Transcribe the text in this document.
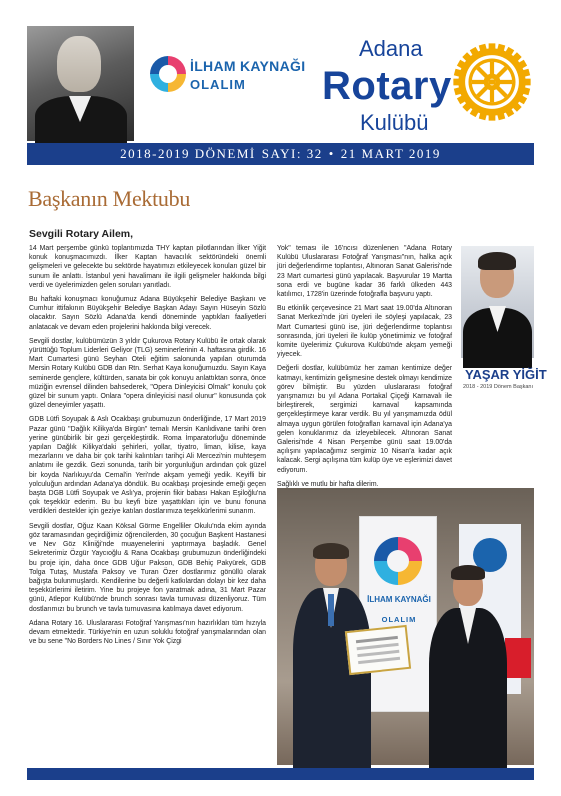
İLHAM KAYNAĞI
OLALIM
Adana
Rotary
Kulübü
2018-2019 DÖNEMİ SAYI: 32 • 21 MART 2019
Başkanın Mektubu
Sevgili Rotary Ailem,

14 Mart perşembe günkü toplantımızda THY kaptan pilotlarından İlker Yiğit konuk konuşmacımızdı. İlker Kaptan havacılık sektöründeki önemli gelişmeleri ve gelecekte bu sektörde hayatımızı etkileyecek konuları güzel bir sunum ile anlattı. İstanbul yeni havalimanı ile ilgili gelişmeler hakkında bilgi verdi ve üyelerimizden gelen soruları yanıtladı.

Bu haftaki konuşmacı konuğumuz Adana Büyükşehir Belediye Başkanı ve Cumhur ittifakının Büyükşehir Belediye Başkan Adayı Sayın Hüseyin Sözlü olacaktır. Sayın Sözlü Adana'da kendi döneminde yaptıkları faaliyetleri anlatacak ve devam eden projelerini hakkında bilgi verecek.

Sevgili dostlar, kulübümüzün 3 yıldır Çukurova Rotary Kulübü ile ortak olarak yürüttüğü Toplum Liderleri Geliyor (TLG) seminerlerinin 4. haftasına girdik. 16 Mart Cumartesi günü Seyhan Oteli eğitim salonunda yapılan oturumda Mersin Rotary Kulübü GDB dan Rtn. Serhat Kaya konuğumuzdu. Sayın Kaya seminerde gençlere, kültürden, sanata bir çok konuyu anlattıktan sonra, önce müziğin evrensel dilinden bahsederek, "Opera Dinleyicisi Olmak" konulu çok güzel bir sunum yaptı. Onlara "opera dinleyicisi nasıl olunur" konusunda çok güzel deneyimler yaşattı.

GDB Lütfi Soyupak & Aslı Ocakbaşı grubumuzun önderliğinde, 17 Mart 2019 Pazar günü "Dağlık Kilikya'da Birgün" temalı Mersin Kanlıdivane tarihi ören yerine günübirlik bir gezi gerçekleştirdik. Roma İmparatorluğu döneminde yapılan Dağlık Kilikya'daki şehirleri, yollar, tiyatro, liman, kilise, kaya mezarlarını ve daha bir çok tarihi kalıntıları tarihçi Ali Mercezi'nin muhteşem anlatımı ile gezdik. Gezi sonunda, tarih bir yorgunluğun ardından çok güzel bir koyda Narlıkuyu'da Cemal'in Yeri'nde akşam yemeği yedik. Keyifli bir yolculuğun ardından Adana'ya döndük. Bu ocakbaşı projesinde emeği geçen başta DGB Lütfi Soyupak ve Aslı'ya, projenin fikir babası Hakan Eşiloğlu'na çok teşekkür ederim. Bu bu keyfi bize yaşattıkları için ve bunu fonuna verdikleri destekler için geziye katılan dostlarımıza teşekkürlerimi sunarım.

Sevgili dostlar, Oğuz Kaan Köksal Görme Engelliler Okulu'nda ekim ayında göz taramasından geçirdiğimiz öğrencilerden, 30 çocuğun Başkent Hastanesi ve Nev Göz Kliniği'nde muayenelerini yaptırmaya başladık. Genel Sekreterimiz Özgür Yaycıoğlu & Rana Ocakbaşı grubumuzun önderliğindeki bu proje için, daha önce GDB Uğur Pakson, GDB Behiç Pakyürek, GDB Tolga Tutaş, Mustafa Paksoy ve Turan Özer dostlarımız gönüllü olarak bağışta bulunmuşlardı. Kendilerine bu değerli katkılardan dolayı bir kez daha teşekkürlerimi iletirim. Yine bu projeye fon yaratmak adına, 31 Mart Pazar günü, Atlepor Kulübü'nde brunch sonrası tavla turnuvası düzenliyoruz. Tüm dostlarımızı bu brunch ve tavla turnuvasına katılmaya davet ediyorum.

Adana Rotary 16. Uluslararası Fotoğraf Yarışması'nın hazırlıkları tüm hızıyla devam etmektedir. Türkiye'nin en uzun soluklu fotoğraf yarışmalarından olan ve bu sene "No Borders No Lines / Sınır Yok Çizgi

Yok" teması ile 16'ncısı düzenlenen "Adana Rotary Kulübü Uluslararası Fotoğraf Yarışması"nın, halka açık jüri değerlendirme toplantısı, Altınoran Sanat Galerisi'nde 23 Mart cumartesi günü yapılacak. Başvurular 19 Martta sona erdi ve bugüne kadar 36 farklı ülkeden 443 katılımcı, 1728'in üzerinde fotoğrafla başvuru yaptı.

Bu etkinlik çerçevesince 21 Mart saat 19.00'da Altınoran Sanat Merkezi'nde jüri üyeleri ile söyleşi yapılacak, 23 Mart Cumartesi günü ise, jüri değerlendirme toplantısı sonrasında, jüri üyeleri ile kulüp yönetimimiz ve fotoğraf komite üyelerimiz Çukurova Kulübü'nde akşam yemeği yiyecek.

Değerli dostlar, kulübümüz her zaman kentimize değer katmayı, kentimizin gelişmesine destek olmayı kendimize görev bilmiştir. Bu yüzden uluslararası fotoğraf yarışmamızı bu yıl Adana Portakal Çiçeği Karnavalı ile birleştirerek, sergimizi karnaval kapsamında gerçekleştirmeye karar verdik. Bu yıl yarışmamızda ödül almaya uygun görülen fotoğrafları karnaval için Adana'ya gelen konuklarımız da izleyebilecek. Altınoran Sanat Galerisi'nde 4 Nisan Perşembe günü saat 19.00'da açılışını yapılacağımız sergimiz 10 Nisan'a kadar açık kalacak. Sergi açılışına tüm kulüp üye ve eşlerimizi davet ediyorum.

Sağlıklı ve mutlu bir hafta dilerim.

YAŞAR YİĞİT
2018 - 2019 Dönem Başkanı
İLHAM KAYNAĞI
OLALIM
